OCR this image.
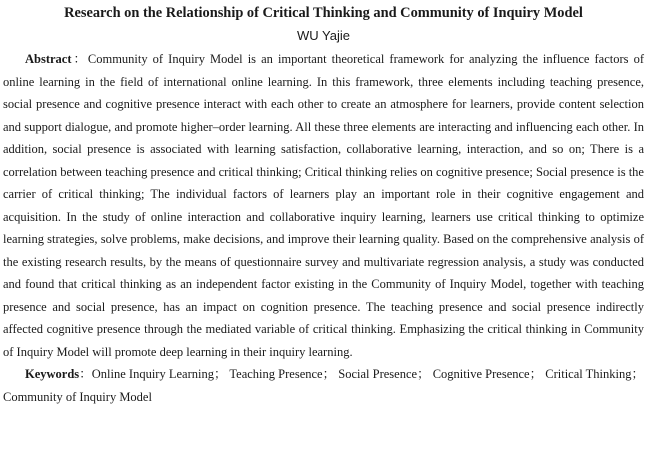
Research on the Relationship of Critical Thinking and Community of Inquiry Model
WU Yajie

Abstract：Community of Inquiry Model is an important theoretical framework for analyzing the influence factors of online learning in the field of international online learning. In this framework, three elements including teaching presence, social presence and cognitive presence interact with each other to create an atmosphere for learners, provide content selection and support dialogue, and promote higher–order learning. All these three elements are interacting and influencing each other. In addition, social presence is associated with learning satisfaction, collaborative learning, interaction, and so on; There is a correlation between teaching presence and critical thinking; Critical thinking relies on cognitive presence; Social presence is the carrier of critical thinking; The individual factors of learners play an important role in their cognitive engagement and acquisition. In the study of online interaction and collaborative inquiry learning, learners use critical thinking to optimize learning strategies, solve problems, make decisions, and improve their learning quality. Based on the comprehensive analysis of the existing research results, by the means of questionnaire survey and multivariate regression analysis, a study was conducted and found that critical thinking as an independent factor existing in the Community of Inquiry Model, together with teaching presence and social presence, has an impact on cognition presence. The teaching presence and social presence indirectly affected cognitive presence through the mediated variable of critical thinking. Emphasizing the critical thinking in Community of Inquiry Model will promote deep learning in their inquiry learning.

Keywords：Online Inquiry Learning； Teaching Presence； Social Presence； Cognitive Presence； Critical Thinking； Community of Inquiry Model
